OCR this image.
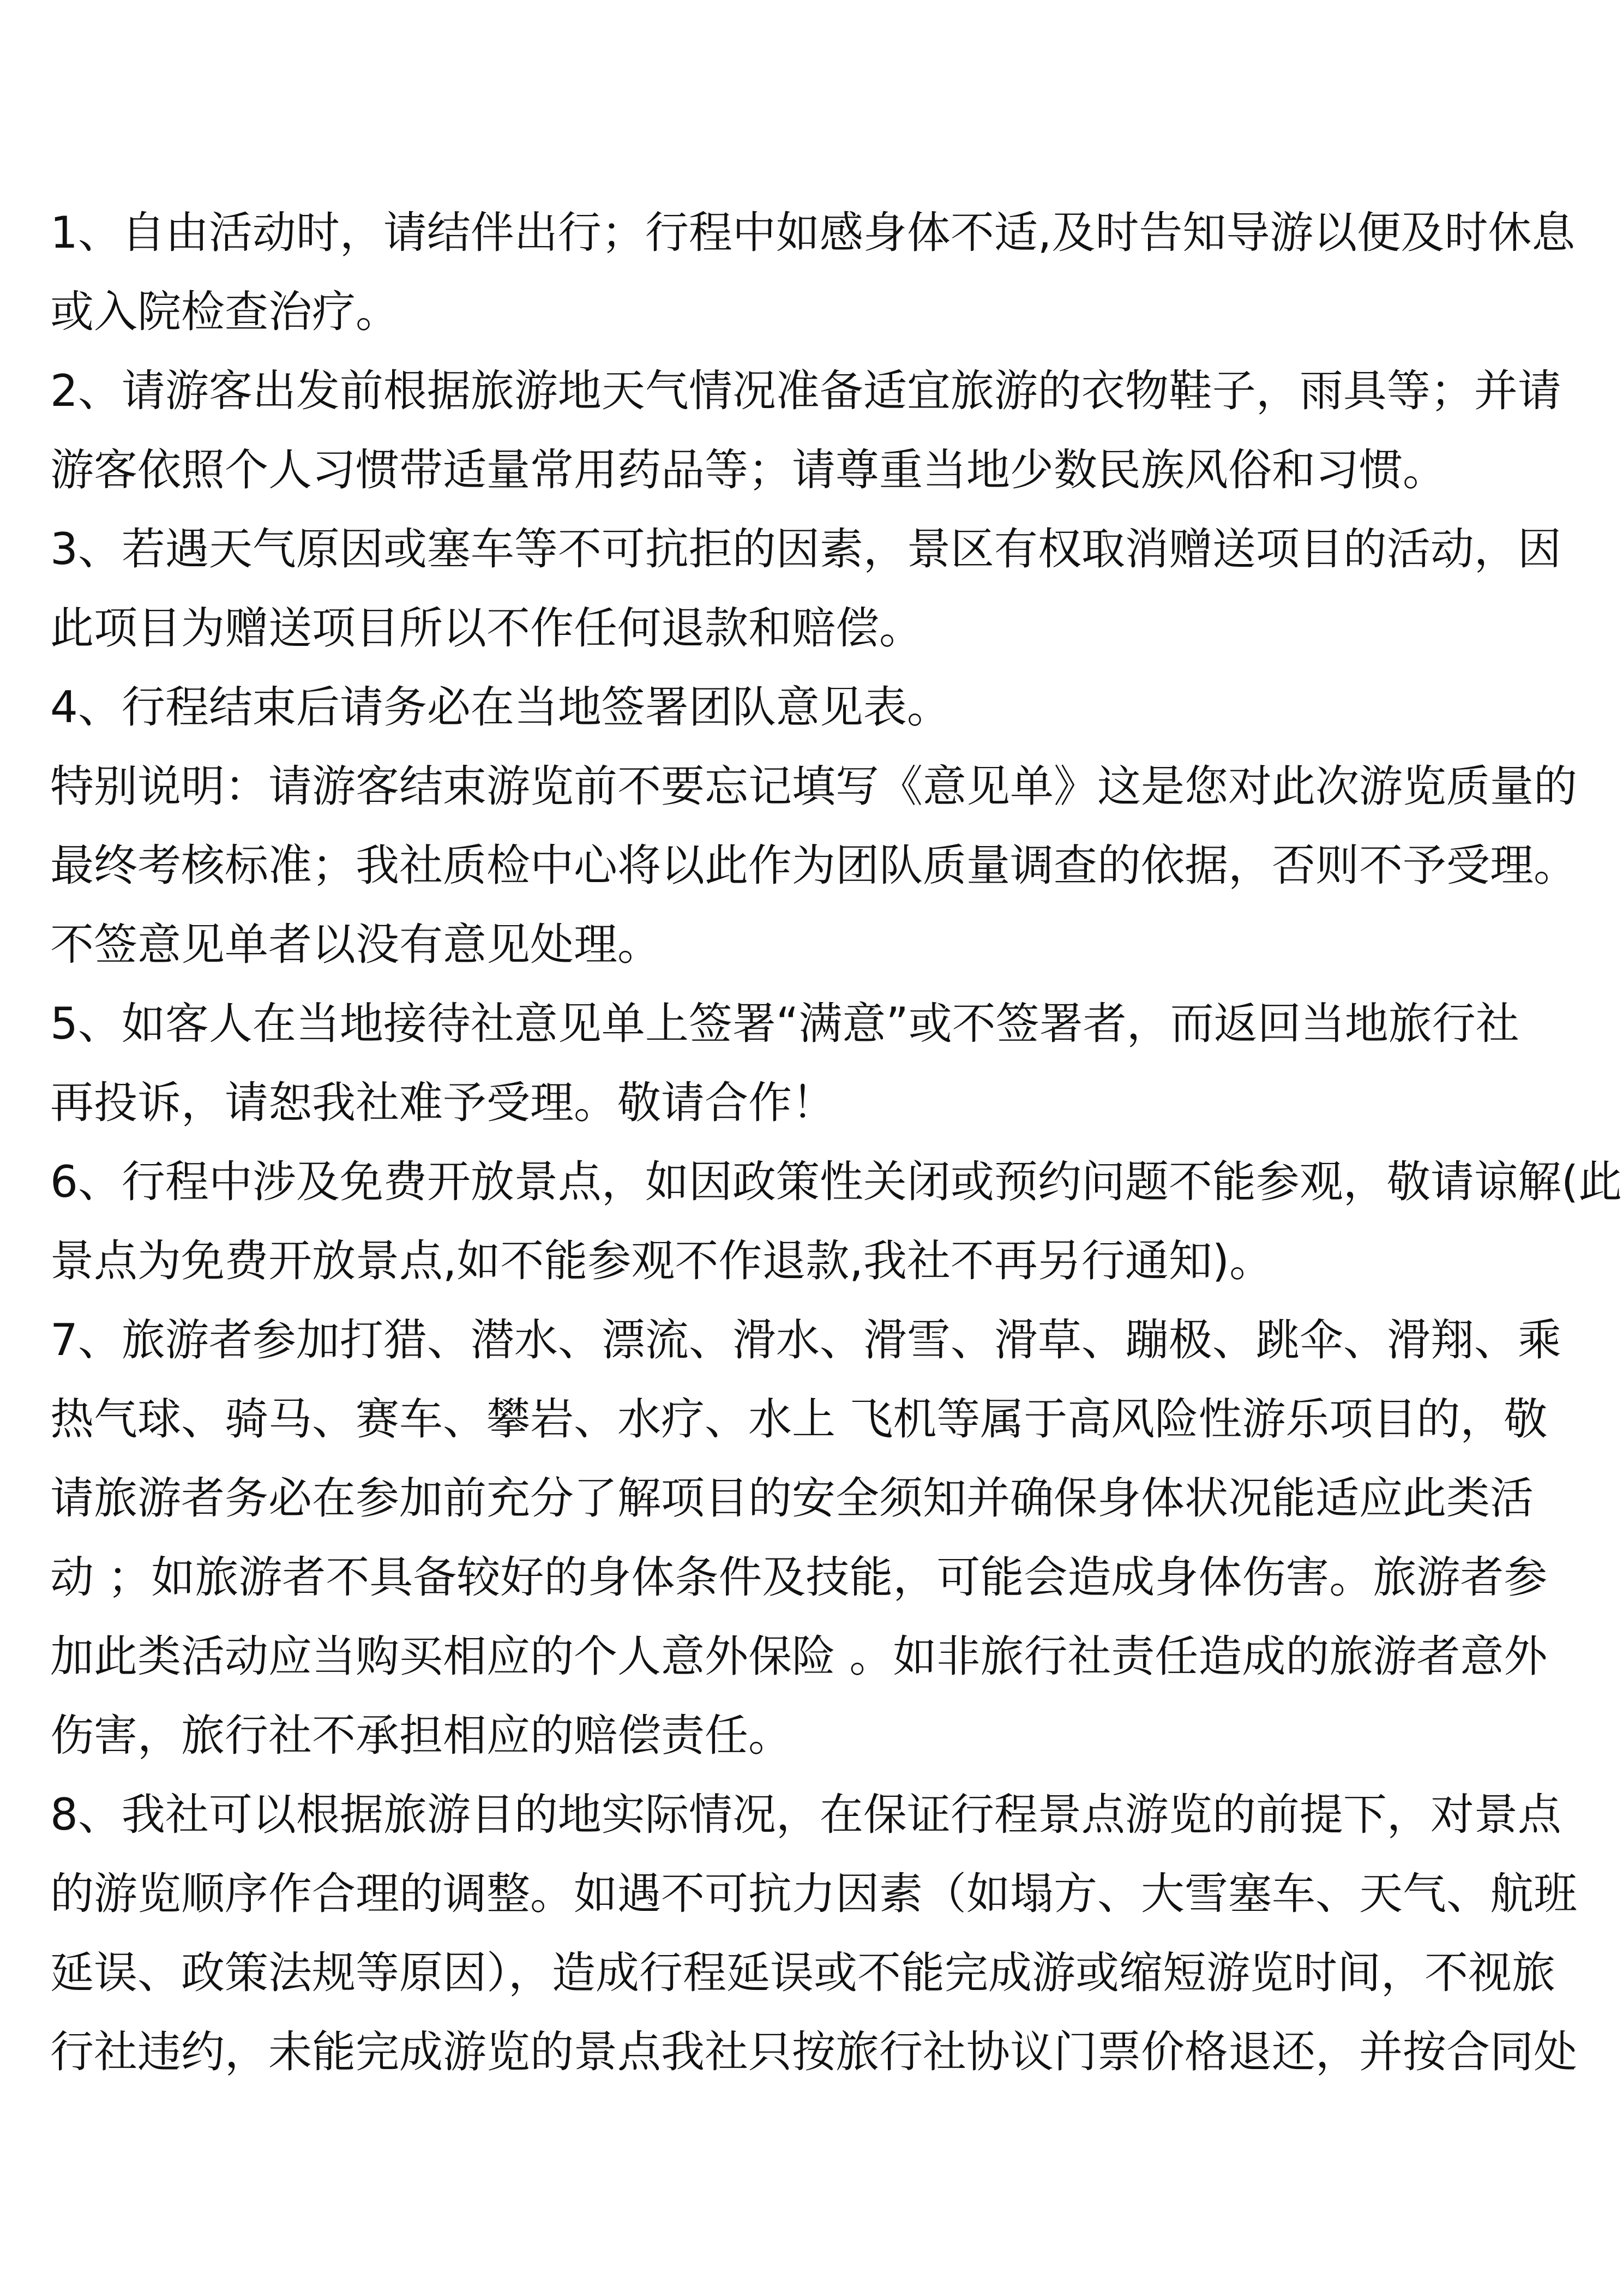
1、自由活动时，请结伴出行；行程中如感身体不适,及时告知导游以便及时休息
或入院检查治疗。
2、请游客出发前根据旅游地天气情况准备适宜旅游的衣物鞋子，雨具等；并请
游客依照个人习惯带适量常用药品等；请尊重当地少数民族风俗和习惯。
3、若遇天气原因或塞车等不可抗拒的因素，景区有权取消赠送项目的活动，因
此项目为赠送项目所以不作任何退款和赔偿。
4、行程结束后请务必在当地签署团队意见表。
特别说明：请游客结束游览前不要忘记填写《意见单》这是您对此次游览质量的
最终考核标准；我社质检中心将以此作为团队质量调查的依据，否则不予受理。
不签意见单者以没有意见处理。
5、如客人在当地接待社意见单上签署“满意”或不签署者，而返回当地旅行社
再投诉，请恕我社难予受理。敬请合作！
6、行程中涉及免费开放景点，如因政策性关闭或预约问题不能参观，敬请谅解(此
景点为免费开放景点,如不能参观不作退款,我社不再另行通知)。
7、旅游者参加打猎、潜水、漂流、滑水、滑雪、滑草、蹦极、跳伞、滑翔、乘
热气球、骑马、赛车、攀岩、水疗、水上 飞机等属于高风险性游乐项目的，敬
请旅游者务必在参加前充分了解项目的安全须知并确保身体状况能适应此类活
动 ；如旅游者不具备较好的身体条件及技能，可能会造成身体伤害。旅游者参
加此类活动应当购买相应的个人意外保险 。如非旅行社责任造成的旅游者意外
伤害，旅行社不承担相应的赔偿责任。
8、我社可以根据旅游目的地实际情况，在保证行程景点游览的前提下，对景点
的游览顺序作合理的调整。如遇不可抗力因素（如塌方、大雪塞车、天气、航班
延误、政策法规等原因），造成行程延误或不能完成游或缩短游览时间，不视旅
行社违约，未能完成游览的景点我社只按旅行社协议门票价格退还，并按合同处
